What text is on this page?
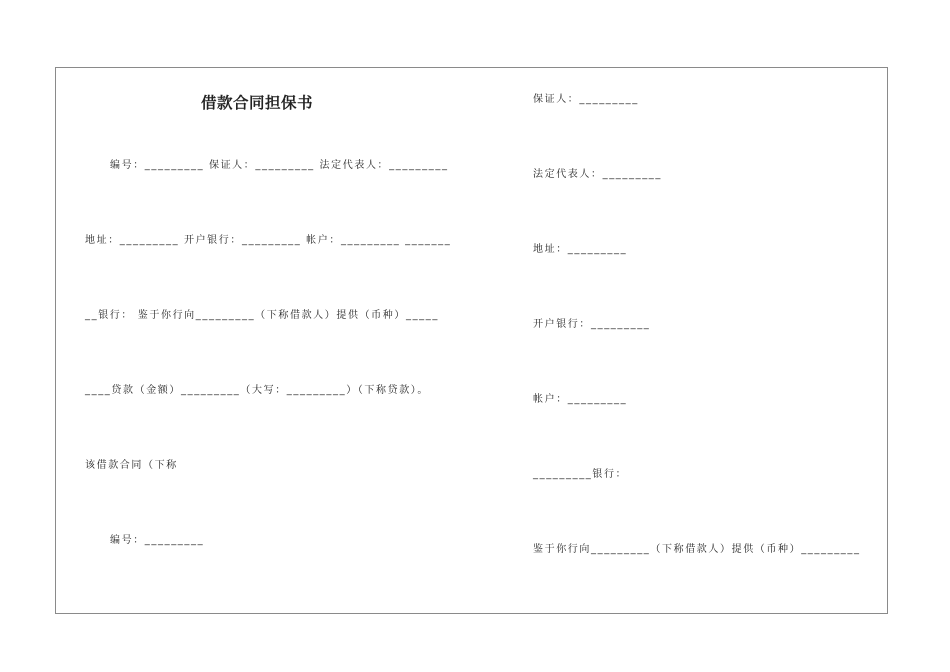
借款合同担保书
编号：_________ 保证人：_________ 法定代表人：_________
地址：_________ 开户银行：_________ 帐户：_________ _______
__银行： 鉴于你行向_________（下称借款人）提供（币种）_____
____贷款（金额）_________（大写：_________）（下称贷款）。
该借款合同（下称
编号：_________
保证人：_________
法定代表人：_________
地址：_________
开户银行：_________
帐户：_________
_________银行：
鉴于你行向_________（下称借款人）提供（币种）_________
